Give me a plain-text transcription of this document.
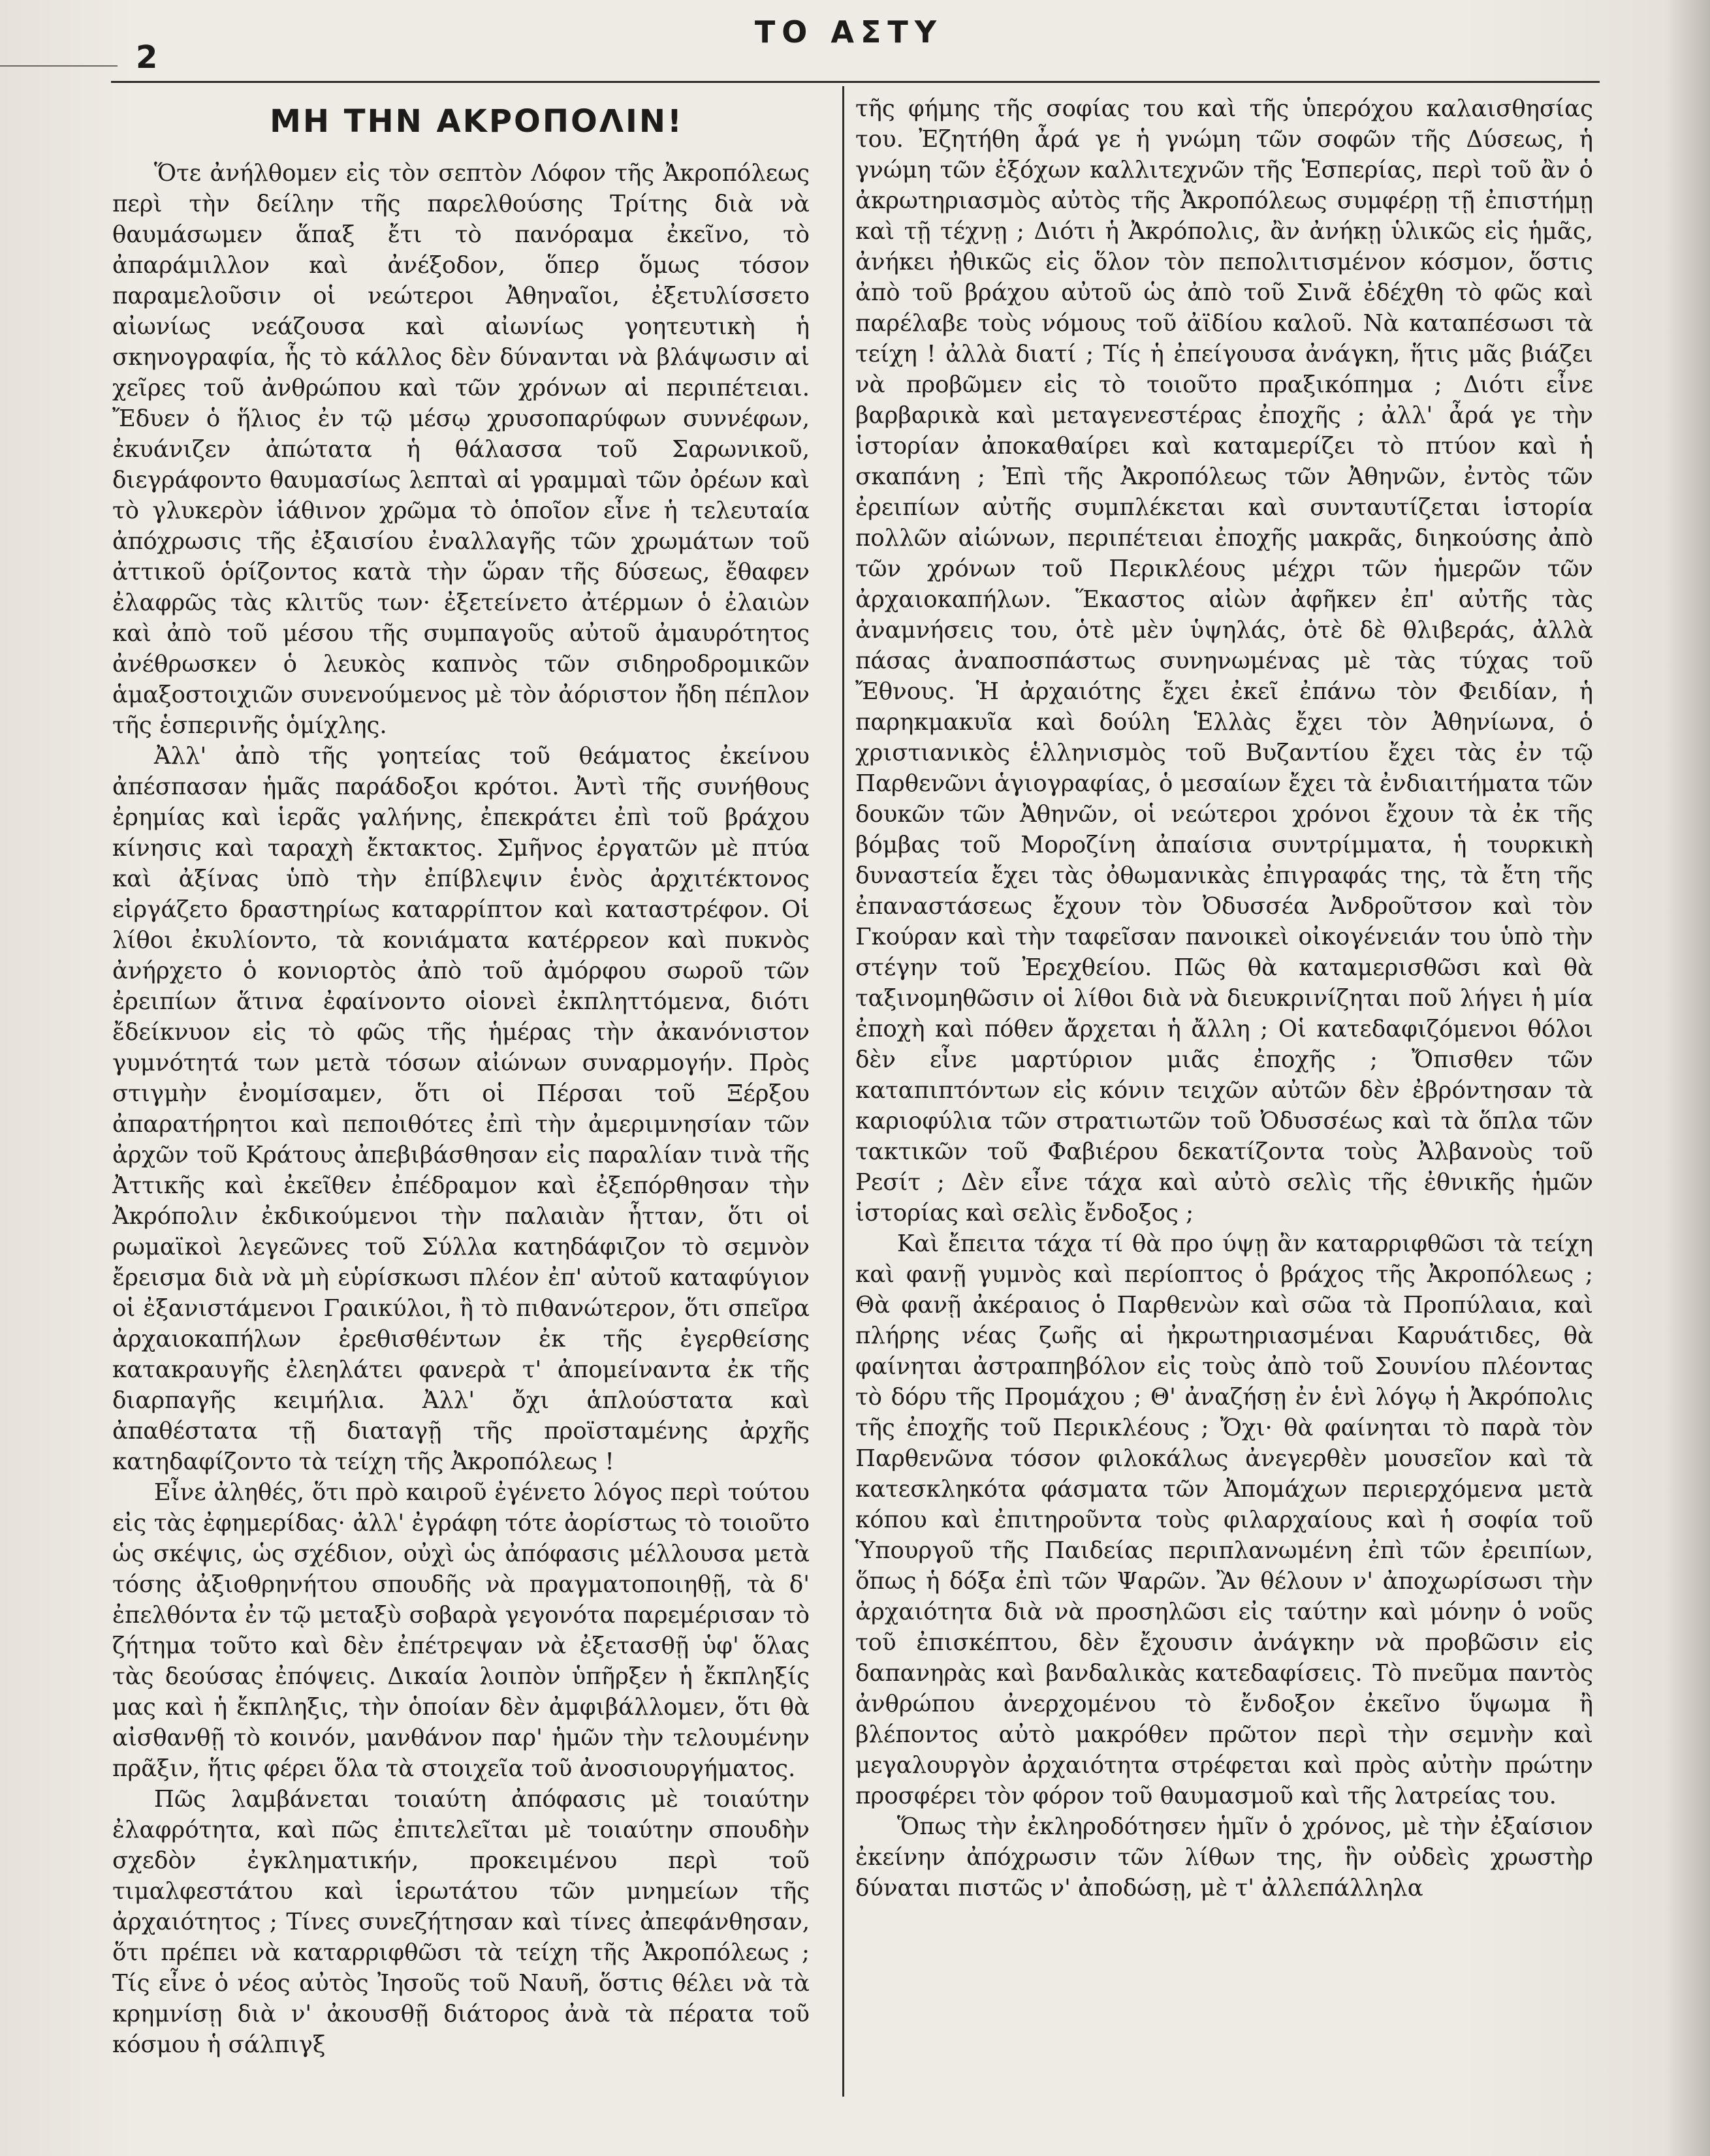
ΤΟ ΑΣΤΥ
2
ΜΗ ΤΗΝ ΑΚΡΟΠΟΛΙΝ!

Ὅτε ἀνήλθομεν εἰς τὸν σεπτὸν Λόφον τῆς Ἀκροπόλεως περὶ τὴν δείλην τῆς παρελθούσης Τρίτης διὰ νὰ θαυμάσωμεν ἅπαξ ἔτι τὸ πανόραμα ἐκεῖνο, τὸ ἀπαράμιλλον καὶ ἀνέξοδον, ὅπερ ὅμως τόσον παραμελοῦσιν οἱ νεώτεροι Ἀθηναῖοι, ἐξετυλίσσετο αἰωνίως νεάζουσα καὶ αἰωνίως γοητευτικὴ ἡ σκηνογραφία, ἧς τὸ κάλλος δὲν δύνανται νὰ βλάψωσιν αἱ χεῖρες τοῦ ἀνθρώπου καὶ τῶν χρόνων αἱ περιπέτειαι. Ἔδυεν ὁ ἥλιος ἐν τῷ μέσῳ χρυσοπαρύφων συννέφων, ἐκυάνιζεν ἀπώτατα ἡ θάλασσα τοῦ Σαρωνικοῦ, διεγράφοντο θαυμασίως λεπταὶ αἱ γραμμαὶ τῶν ὀρέων καὶ τὸ γλυκερὸν ἰάθινον χρῶμα τὸ ὁποῖον εἶνε ἡ τελευταία ἀπόχρωσις τῆς ἐξαισίου ἐναλλαγῆς τῶν χρωμάτων τοῦ ἀττικοῦ ὁρίζοντος κατὰ τὴν ὥραν τῆς δύσεως, ἔθαφεν ἐλαφρῶς τὰς κλιτῦς των· ἐξετείνετο ἀτέρμων ὁ ἐλαιὼν καὶ ἀπὸ τοῦ μέσου τῆς συμπαγοῦς αὐτοῦ ἀμαυρότητος ἀνέθρωσκεν ὁ λευκὸς καπνὸς τῶν σιδηροδρομικῶν ἁμαξοστοιχιῶν συνενούμενος μὲ τὸν ἀόριστον ἤδη πέπλον τῆς ἑσπερινῆς ὁμίχλης.

Ἀλλ' ἀπὸ τῆς γοητείας τοῦ θεάματος ἐκείνου ἀπέσπασαν ἡμᾶς παράδοξοι κρότοι. Ἀντὶ τῆς συνήθους ἐρημίας καὶ ἱερᾶς γαλήνης, ἐπεκράτει ἐπὶ τοῦ βράχου κίνησις καὶ ταραχὴ ἔκτακτος. Σμῆνος ἐργατῶν μὲ πτύα καὶ ἀξίνας ὑπὸ τὴν ἐπίβλεψιν ἑνὸς ἀρχιτέκτονος εἰργάζετο δραστηρίως καταρρίπτον καὶ καταστρέφον. Οἱ λίθοι ἐκυλίοντο, τὰ κονιάματα κατέρρεον καὶ πυκνὸς ἀνήρχετο ὁ κονιορτὸς ἀπὸ τοῦ ἀμόρφου σωροῦ τῶν ἐρειπίων ἅτινα ἐφαίνοντο οἱονεὶ ἐκπληττόμενα, διότι ἔδείκνυον εἰς τὸ φῶς τῆς ἡμέρας τὴν ἀκανόνιστον γυμνότητά των μετὰ τόσων αἰώνων συναρμογήν. Πρὸς στιγμὴν ἐνομίσαμεν, ὅτι οἱ Πέρσαι τοῦ Ξέρξου ἀπαρατήρητοι καὶ πεποιθότες ἐπὶ τὴν ἀμεριμνησίαν τῶν ἀρχῶν τοῦ Κράτους ἀπεβιβάσθησαν εἰς παραλίαν τινὰ τῆς Ἀττικῆς καὶ ἐκεῖθεν ἐπέδραμον καὶ ἐξεπόρθησαν τὴν Ἀκρόπολιν ἐκδικούμενοι τὴν παλαιὰν ἧτταν, ὅτι οἱ ρωμαϊκοὶ λεγεῶνες τοῦ Σύλλα κατηδάφιζον τὸ σεμνὸν ἔρεισμα διὰ νὰ μὴ εὑρίσκωσι πλέον ἐπ' αὐτοῦ καταφύγιον οἱ ἐξανιστάμενοι Γραικύλοι, ἢ τὸ πιθανώτερον, ὅτι σπεῖρα ἀρχαιοκαπήλων ἐρεθισθέντων ἐκ τῆς ἐγερθείσης κατακραυγῆς ἐλεηλάτει φανερὰ τ' ἀπομείναντα ἐκ τῆς διαρπαγῆς κειμήλια. Ἀλλ' ὄχι ἁπλούστατα καὶ ἀπαθέστατα τῇ διαταγῇ τῆς προϊσταμένης ἀρχῆς κατηδαφίζοντο τὰ τείχη τῆς Ἀκροπόλεως !

Εἶνε ἀληθές, ὅτι πρὸ καιροῦ ἐγένετο λόγος περὶ τούτου εἰς τὰς ἐφημερίδας· ἀλλ' ἐγράφη τότε ἀορίστως τὸ τοιοῦτο ὡς σκέψις, ὡς σχέδιον, οὐχὶ ὡς ἀπόφασις μέλλουσα μετὰ τόσης ἀξιοθρηνήτου σπουδῆς νὰ πραγματοποιηθῇ, τὰ δ' ἐπελθόντα ἐν τῷ μεταξὺ σοβαρὰ γεγονότα παρεμέρισαν τὸ ζήτημα τοῦτο καὶ δὲν ἐπέτρεψαν νὰ ἐξετασθῇ ὑφ' ὅλας τὰς δεούσας ἐπόψεις. Δικαία λοιπὸν ὑπῆρξεν ἡ ἔκπληξίς μας καὶ ἡ ἔκπληξις, τὴν ὁποίαν δὲν ἀμφιβάλλομεν, ὅτι θὰ αἰσθανθῇ τὸ κοινόν, μανθάνον παρ' ἡμῶν τὴν τελουμένην πρᾶξιν, ἥτις φέρει ὅλα τὰ στοιχεῖα τοῦ ἀνοσιουργήματος.

Πῶς λαμβάνεται τοιαύτη ἀπόφασις μὲ τοιαύτην ἐλαφρότητα, καὶ πῶς ἐπιτελεῖται μὲ τοιαύτην σπουδὴν σχεδὸν ἐγκληματικήν, προκειμένου περὶ τοῦ τιμαλφεστάτου καὶ ἱερωτάτου τῶν μνημείων τῆς ἀρχαιότητος ; Τίνες συνεζήτησαν καὶ τίνες ἀπεφάνθησαν, ὅτι πρέπει νὰ καταρριφθῶσι τὰ τείχη τῆς Ἀκροπόλεως ; Τίς εἶνε ὁ νέος αὐτὸς Ἰησοῦς τοῦ Ναυῆ, ὅστις θέλει νὰ τὰ κρημνίσῃ διὰ ν' ἀκουσθῇ διάτορος ἀνὰ τὰ πέρατα τοῦ κόσμου ἡ σάλπιγξ

τῆς φήμης τῆς σοφίας του καὶ τῆς ὑπερόχου καλαισθησίας του. Ἐζητήθη ἆρά γε ἡ γνώμη τῶν σοφῶν τῆς Δύσεως, ἡ γνώμη τῶν ἐξόχων καλλιτεχνῶν τῆς Ἑσπερίας, περὶ τοῦ ἂν ὁ ἀκρωτηριασμὸς αὐτὸς τῆς Ἀκροπόλεως συμφέρῃ τῇ ἐπιστήμῃ καὶ τῇ τέχνῃ ; Διότι ἡ Ἀκρόπολις, ἂν ἀνήκῃ ὑλικῶς εἰς ἡμᾶς, ἀνήκει ἠθικῶς εἰς ὅλον τὸν πεπολιτισμένον κόσμον, ὅστις ἀπὸ τοῦ βράχου αὐτοῦ ὡς ἀπὸ τοῦ Σινᾶ ἐδέχθη τὸ φῶς καὶ παρέλαβε τοὺς νόμους τοῦ ἀϊδίου καλοῦ. Νὰ καταπέσωσι τὰ τείχη ! ἀλλὰ διατί ; Τίς ἡ ἐπείγουσα ἀνάγκη, ἥτις μᾶς βιάζει νὰ προβῶμεν εἰς τὸ τοιοῦτο πραξικόπημα ; Διότι εἶνε βαρβαρικὰ καὶ μεταγενεστέρας ἐποχῆς ; ἀλλ' ἆρά γε τὴν ἱστορίαν ἀποκαθαίρει καὶ καταμερίζει τὸ πτύον καὶ ἡ σκαπάνη ; Ἐπὶ τῆς Ἀκροπόλεως τῶν Ἀθηνῶν, ἐντὸς τῶν ἐρειπίων αὐτῆς συμπλέκεται καὶ συνταυτίζεται ἱστορία πολλῶν αἰώνων, περιπέτειαι ἐποχῆς μακρᾶς, διηκούσης ἀπὸ τῶν χρόνων τοῦ Περικλέους μέχρι τῶν ἡμερῶν τῶν ἀρχαιοκαπήλων. Ἕκαστος αἰὼν ἀφῆκεν ἐπ' αὐτῆς τὰς ἀναμνήσεις του, ὁτὲ μὲν ὑψηλάς, ὁτὲ δὲ θλιβεράς, ἀλλὰ πάσας ἀναποσπάστως συνηνωμένας μὲ τὰς τύχας τοῦ Ἔθνους. Ἡ ἀρχαιότης ἔχει ἐκεῖ ἐπάνω τὸν Φειδίαν, ἡ παρηκμακυῖα καὶ δούλη Ἑλλὰς ἔχει τὸν Ἀθηνίωνα, ὁ χριστιανικὸς ἑλληνισμὸς τοῦ Βυζαντίου ἔχει τὰς ἐν τῷ Παρθενῶνι ἁγιογραφίας, ὁ μεσαίων ἔχει τὰ ἐνδιαιτήματα τῶν δουκῶν τῶν Ἀθηνῶν, οἱ νεώτεροι χρόνοι ἔχουν τὰ ἐκ τῆς βόμβας τοῦ Μοροζίνη ἀπαίσια συντρίμματα, ἡ τουρκικὴ δυναστεία ἔχει τὰς ὀθωμανικὰς ἐπιγραφάς της, τὰ ἔτη τῆς ἐπαναστάσεως ἔχουν τὸν Ὀδυσσέα Ἀνδροῦτσον καὶ τὸν Γκούραν καὶ τὴν ταφεῖσαν πανοικεὶ οἰκογένειάν του ὑπὸ τὴν στέγην τοῦ Ἐρεχθείου. Πῶς θὰ καταμερισθῶσι καὶ θὰ ταξινομηθῶσιν οἱ λίθοι διὰ νὰ διευκρινίζηται ποῦ λήγει ἡ μία ἐποχὴ καὶ πόθεν ἄρχεται ἡ ἄλλη ; Οἱ κατεδαφιζόμενοι θόλοι δὲν εἶνε μαρτύριον μιᾶς ἐποχῆς ; Ὄπισθεν τῶν καταπιπτόντων εἰς κόνιν τειχῶν αὐτῶν δὲν ἐβρόντησαν τὰ καριοφύλια τῶν στρατιωτῶν τοῦ Ὀδυσσέως καὶ τὰ ὅπλα τῶν τακτικῶν τοῦ Φαβιέρου δεκατίζοντα τοὺς Ἀλβανοὺς τοῦ Ρεσίτ ; Δὲν εἶνε τάχα καὶ αὐτὸ σελὶς τῆς ἐθνικῆς ἡμῶν ἱστορίας καὶ σελὶς ἔνδοξος ;

Καὶ ἔπειτα τάχα τί θὰ προ ύψῃ ἂν καταρριφθῶσι τὰ τείχη καὶ φανῇ γυμνὸς καὶ περίοπτος ὁ βράχος τῆς Ἀκροπόλεως ; Θὰ φανῇ ἀκέραιος ὁ Παρθενὼν καὶ σῶα τὰ Προπύλαια, καὶ πλήρης νέας ζωῆς αἱ ἠκρωτηριασμέναι Καρυάτιδες, θὰ φαίνηται ἀστραπηβόλον εἰς τοὺς ἀπὸ τοῦ Σουνίου πλέοντας τὸ δόρυ τῆς Προμάχου ; Θ' ἀναζήσῃ ἐν ἑνὶ λόγῳ ἡ Ἀκρόπολις τῆς ἐποχῆς τοῦ Περικλέους ; Ὄχι· θὰ φαίνηται τὸ παρὰ τὸν Παρθενῶνα τόσον φιλοκάλως ἀνεγερθὲν μουσεῖον καὶ τὰ κατεσκληκότα φάσματα τῶν Ἀπομάχων περιερχόμενα μετὰ κόπου καὶ ἐπιτηροῦντα τοὺς φιλαρχαίους καὶ ἡ σοφία τοῦ Ὑπουργοῦ τῆς Παιδείας περιπλανωμένη ἐπὶ τῶν ἐρειπίων, ὅπως ἡ δόξα ἐπὶ τῶν Ψαρῶν. Ἂν θέλουν ν' ἀποχωρίσωσι τὴν ἀρχαιότητα διὰ νὰ προσηλῶσι εἰς ταύτην καὶ μόνην ὁ νοῦς τοῦ ἐπισκέπτου, δὲν ἔχουσιν ἀνάγκην νὰ προβῶσιν εἰς δαπανηρὰς καὶ βανδαλικὰς κατεδαφίσεις. Τὸ πνεῦμα παντὸς ἀνθρώπου ἀνερχομένου τὸ ἔνδοξον ἐκεῖνο ὕψωμα ἢ βλέποντος αὐτὸ μακρόθεν πρῶτον περὶ τὴν σεμνὴν καὶ μεγαλουργὸν ἀρχαιότητα στρέφεται καὶ πρὸς αὐτὴν πρώτην προσφέρει τὸν φόρον τοῦ θαυμασμοῦ καὶ τῆς λατρείας του.

Ὅπως τὴν ἐκληροδότησεν ἡμῖν ὁ χρόνος, μὲ τὴν ἐξαίσιον ἐκείνην ἀπόχρωσιν τῶν λίθων της, ἣν οὐδεὶς χρωστὴρ δύναται πιστῶς ν' ἀποδώσῃ, μὲ τ' ἀλλεπάλληλα
